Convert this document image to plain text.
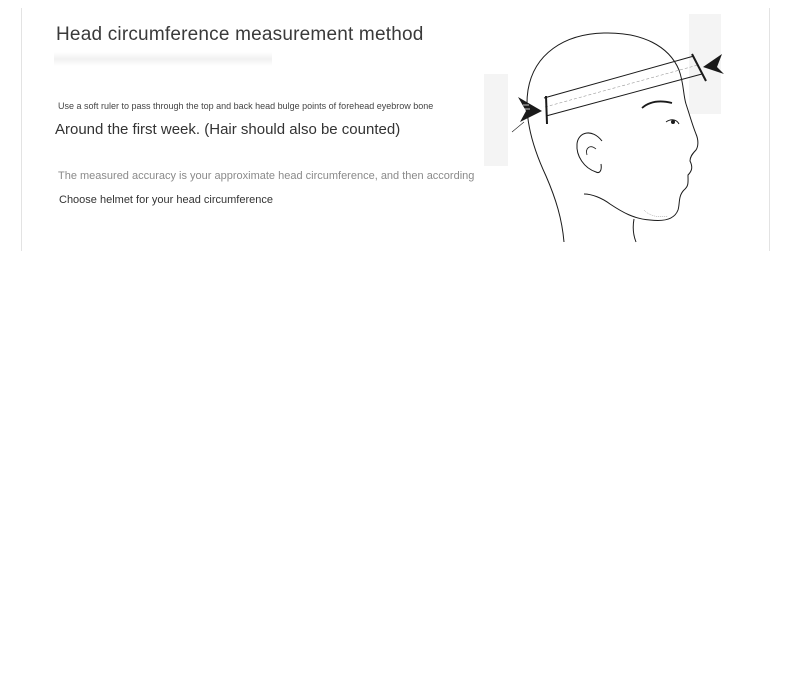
Head circumference measurement method
Use a soft ruler to pass through the top and back head bulge points of forehead eyebrow bone
Around the first week. (Hair should also be counted)
The measured accuracy is your approximate head circumference, and then according
Choose helmet for your head circumference
